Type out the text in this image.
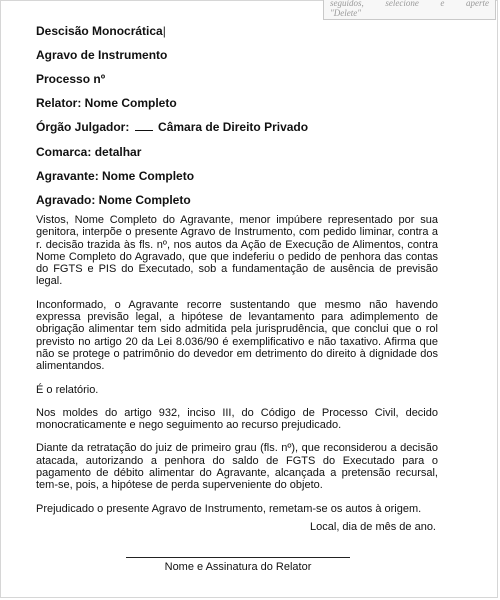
seguidos, selecione e aperte
"Delete"

Descisão Monocrática|

Agravo de Instrumento

Processo nº

Relator: Nome Completo

Órgão Julgador: Câmara de Direito Privado

Comarca: detalhar

Agravante: Nome Completo

Agravado: Nome Completo

Vistos, Nome Completo do Agravante, menor impúbere representado por sua genitora, interpõe o presente Agravo de Instrumento, com pedido liminar, contra a r. decisão trazida às fls. nº, nos autos da Ação de Execução de Alimentos, contra Nome Completo do Agravado, que que indeferiu o pedido de penhora das contas do FGTS e PIS do Executado, sob a fundamentação de ausência de previsão legal.

Inconformado, o Agravante recorre sustentando que mesmo não havendo expressa previsão legal, a hipótese de levantamento para adimplemento de obrigação alimentar tem sido admitida pela jurisprudência, que conclui que o rol previsto no artigo 20 da Lei 8.036/90 é exemplificativo e não taxativo. Afirma que não se protege o patrimônio do devedor em detrimento do direito à dignidade dos alimentandos.

É o relatório.

Nos moldes do artigo 932, inciso III, do Código de Processo Civil, decido monocraticamente e nego seguimento ao recurso prejudicado.

Diante da retratação do juiz de primeiro grau (fls. nº), que reconsiderou a decisão atacada, autorizando a penhora do saldo de FGTS do Executado para o pagamento de débito alimentar do Agravante, alcançada a pretensão recursal, tem-se, pois, a hipótese de perda superveniente do objeto.

Prejudicado o presente Agravo de Instrumento, remetam-se os autos à origem.

Local, dia de mês de ano.
Nome e Assinatura do Relator
